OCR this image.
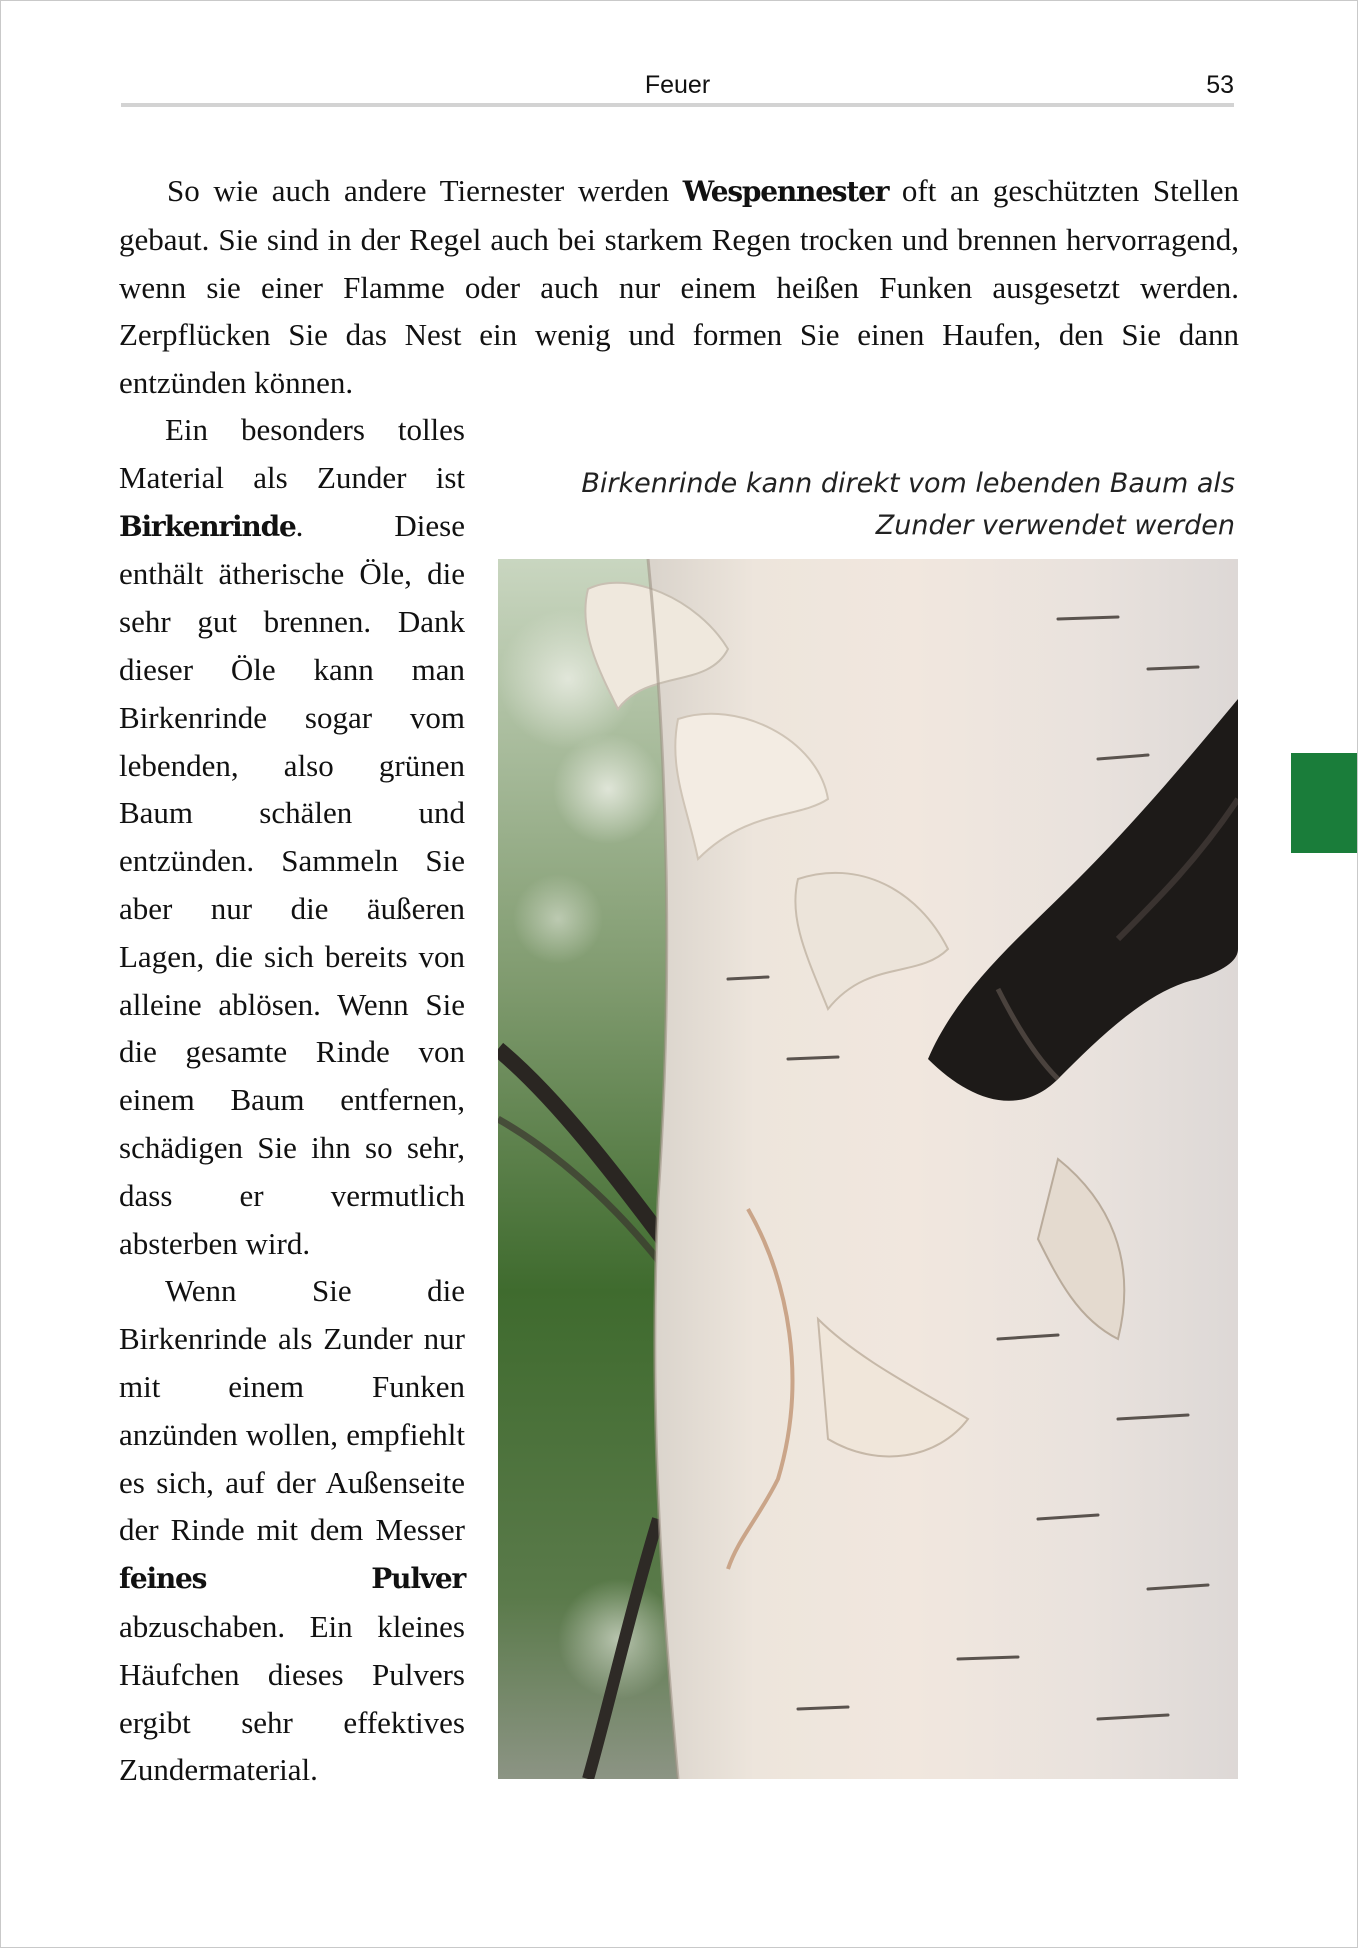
Feuer	53

So wie auch andere Tiernester werden Wespennester oft an geschützten Stellen gebaut. Sie sind in der Regel auch bei starkem Regen trocken und brennen hervorragend, wenn sie einer Flamme oder auch nur einem heißen Funken ausgesetzt werden. Zerpflücken Sie das Nest ein wenig und formen Sie einen Haufen, den Sie dann entzünden können.

Ein besonders tolles Material als Zunder ist Birkenrinde. Diese enthält ätherische Öle, die sehr gut brennen. Dank dieser Öle kann man Birkenrinde sogar vom lebenden, also grünen Baum schälen und entzünden. Sammeln Sie aber nur die äußeren Lagen, die sich bereits von alleine ablösen. Wenn Sie die gesamte Rinde von einem Baum entfernen, schädigen Sie ihn so sehr, dass er vermutlich absterben wird.

Wenn Sie die Birkenrinde als Zunder nur mit einem Funken anzünden wollen, empfiehlt es sich, auf der Außenseite der Rinde mit dem Messer feines Pulver abzuschaben. Ein kleines Häufchen dieses Pulvers ergibt sehr effektives Zundermaterial.

Birkenrinde kann direkt vom lebenden Baum als
Zunder verwendet werden
